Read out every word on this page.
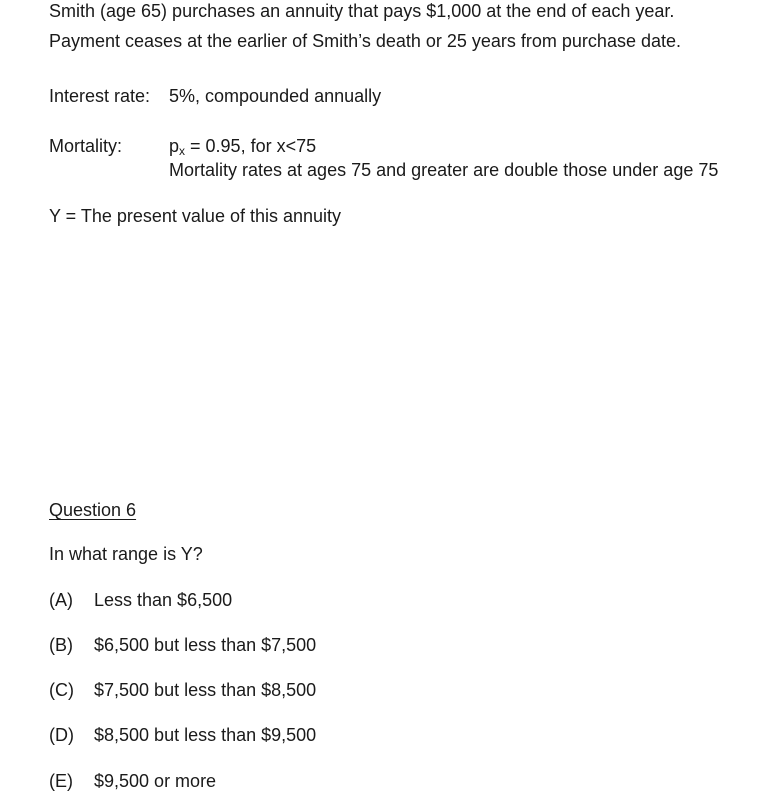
Smith (age 65) purchases an annuity that pays $1,000 at the end of each year.
Payment ceases at the earlier of Smith’s death or 25 years from purchase date.
Interest rate: 5%, compounded annually
Mortality:	$p_x = 0.95$, for x<75
Mortality rates at ages 75 and greater are double those under age 75
Y = The present value of this annuity
Question 6
In what range is Y?
(A) Less than $6,500
(B) $6,500 but less than $7,500
(C) $7,500 but less than $8,500
(D) $8,500 but less than $9,500
(E) $9,500 or more
